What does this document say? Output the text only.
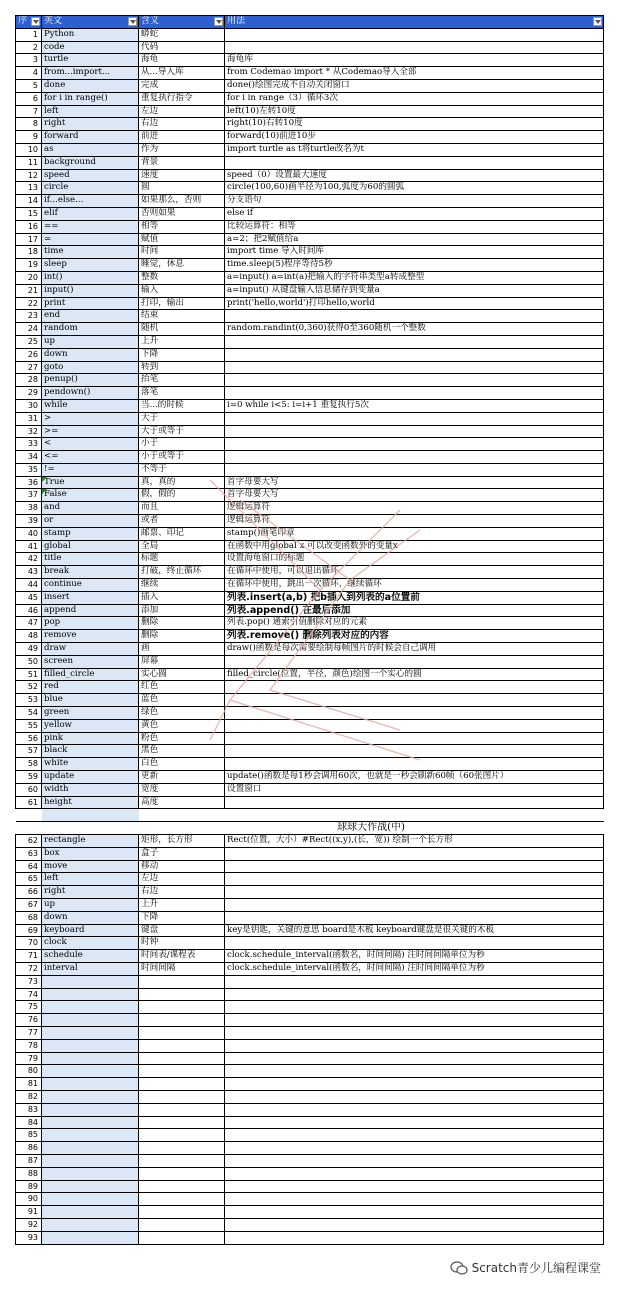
序	英文	含义	用法

1	Python	蟒蛇	
2	code	代码	
3	turtle	海龟	海龟库
4	from...import...	从...导入库	from Codemao import * 从Codemao导入全部
5	done	完成	done()绘图完成不自动关闭窗口
6	for i in range()	重复执行指令	for i in range（3）循环3次
7	left	左边	left(10)左转10度
8	right	右边	right(10)右转10度
9	forward	前进	forward(10)前进10步
10	as	作为	import turtle as t将turtle改名为t
11	background	背景	
12	speed	速度	speed（0）设置最大速度
13	circle	圆	circle(100,60)画半径为100,弧度为60的圆弧
14	if...else...	如果那么，否则	分支语句
15	elif	否则如果	else if
16	==	相等	比较运算符：相等
17	=	赋值	a=2；把2赋值给a
18	time	时间	import time 导入时间库
19	sleep	睡觉，休息	time.sleep(5)程序等待5秒
20	int()	整数	a=input() a=int(a)把输入的字符串类型a转成整型
21	input()	输入	a=input() 从键盘输入信息储存到变量a
22	print	打印，输出	print('hello,world')打印hello,world
23	end	结束	
24	random	随机	random.randint(0,360)获得0至360随机一个整数
25	up	上升	
26	down	下降	
27	goto	转到	
28	penup()	抬笔	
29	pendown()	落笔	
30	while	当...的时候	i=0 while i<5: i=i+1 重复执行5次
31	>	大于	
32	>=	大于或等于	
33	<	小于	
34	<=	小于或等于	
35	!=	不等于	
36	True	真，真的	首字母要大写
37	False	假，假的	首字母要大写
38	and	而且	逻辑运算符
39	or	或者	逻辑运算符
40	stamp	邮票、印记	stamp()画笔印章
41	global	全局	在函数中用global x 可以改变函数外的变量x
42	title	标题	设置海龟窗口的标题
43	break	打破，终止循环	在循环中使用，可以退出循环
44	continue	继续	在循环中使用，跳出一次循环，继续循环
45	insert	插入	列表.insert(a,b) 把b插入到列表的a位置前
46	append	添加	列表.append() 在最后添加
47	pop	删除	列表.pop() 通索引值删除对应的元素
48	remove	删除	列表.remove() 删除列表对应的内容
49	draw	画	draw()函数是每次需要绘制每帧图片的时候会自己调用
50	screen	屏幕	
51	filled_circle	实心圆	filled_circle(位置，半径，颜色)绘图一个实心的圆
52	red	红色	
53	blue	蓝色	
54	green	绿色	
55	yellow	黄色	
56	pink	粉色	
57	black	黑色	
58	white	白色	
59	update	更新	update()函数是每1秒会调用60次，也就是一秒会刷新60帧（60张图片）
60	width	宽度	设置窗口
61	height	高度	

		球球大作战(中)	
62	rectangle	矩形，长方形	Rect(位置，大小）#Rect((x,y),(长，宽)) 绘制一个长方形
63	box	盒子	
64	move	移动	
65	left	左边	
66	right	右边	
67	up	上升	
68	down	下降	
69	keyboard	键盘	key是钥匙，关键的意思 board是木板 keyboard键盘是很关键的木板
70	clock	时钟	
71	schedule	时间表/课程表	clock.schedule_interval(函数名，时间间隔) 注时间间隔单位为秒
72	interval	时间间隔	clock.schedule_interval(函数名，时间间隔) 注时间间隔单位为秒
73			
74			
75			
76			
77			
78			
79			
80			
81			
82			
83			
84			
85			
86			
87			
88			
89			
90			
91			
92			
93			
Scratch青少儿编程课堂
